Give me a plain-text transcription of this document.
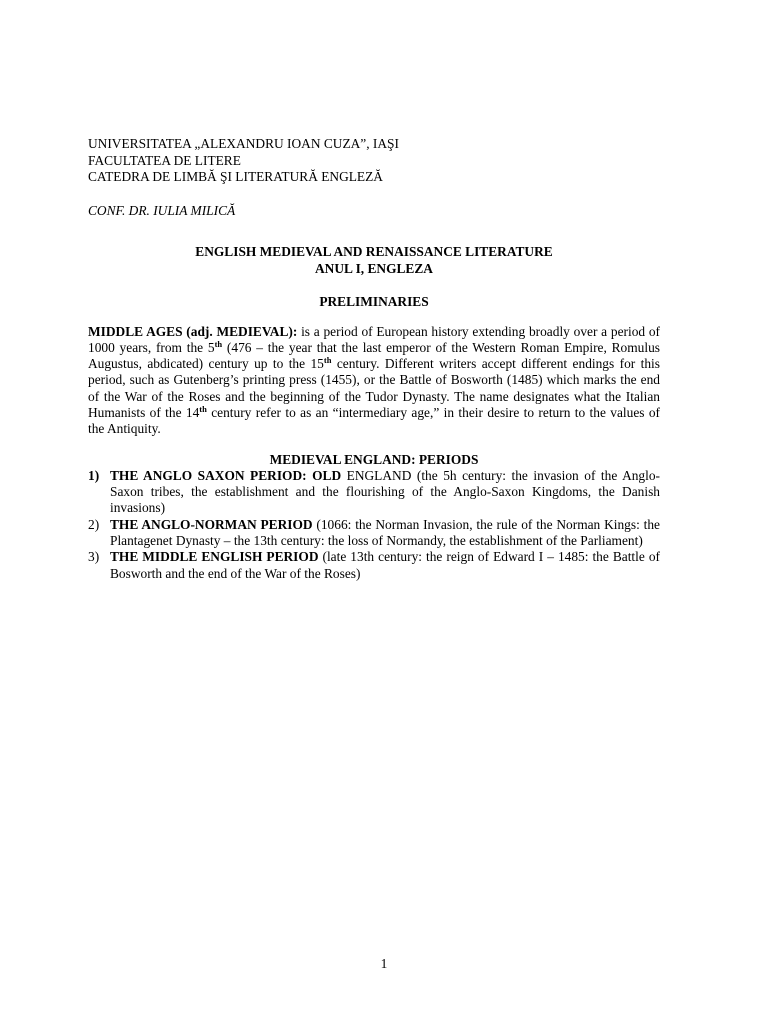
UNIVERSITATEA „ALEXANDRU IOAN CUZA”, IAŞI

FACULTATEA DE LITERE

CATEDRA DE LIMBĂ ŞI LITERATURĂ ENGLEZĂ

CONF. DR. IULIA MILICĂ

ENGLISH MEDIEVAL AND RENAISSANCE LITERATURE
ANUL I, ENGLEZA
PRELIMINARIES
MIDDLE AGES (adj. MEDIEVAL): is a period of European history extending broadly over a period of 1000 years, from the 5th (476 – the year that the last emperor of the Western Roman Empire, Romulus Augustus, abdicated) century up to the 15th century. Different writers accept different endings for this period, such as Gutenberg’s printing press (1455), or the Battle of Bosworth (1485) which marks the end of the War of the Roses and the beginning of the Tudor Dynasty. The name designates what the Italian Humanists of the 14th century refer to as an “intermediary age,” in their desire to return to the values of the Antiquity.
MEDIEVAL ENGLAND: PERIODS
1) THE ANGLO SAXON PERIOD: OLD ENGLAND (the 5h century: the invasion of the Anglo-Saxon tribes, the establishment and the flourishing of the Anglo-Saxon Kingdoms, the Danish invasions)
2) THE ANGLO-NORMAN PERIOD (1066: the Norman Invasion, the rule of the Norman Kings: the Plantagenet Dynasty – the 13th century: the loss of Normandy, the establishment of the Parliament)
3) THE MIDDLE ENGLISH PERIOD (late 13th century: the reign of Edward I – 1485: the Battle of Bosworth and the end of the War of the Roses)
1
